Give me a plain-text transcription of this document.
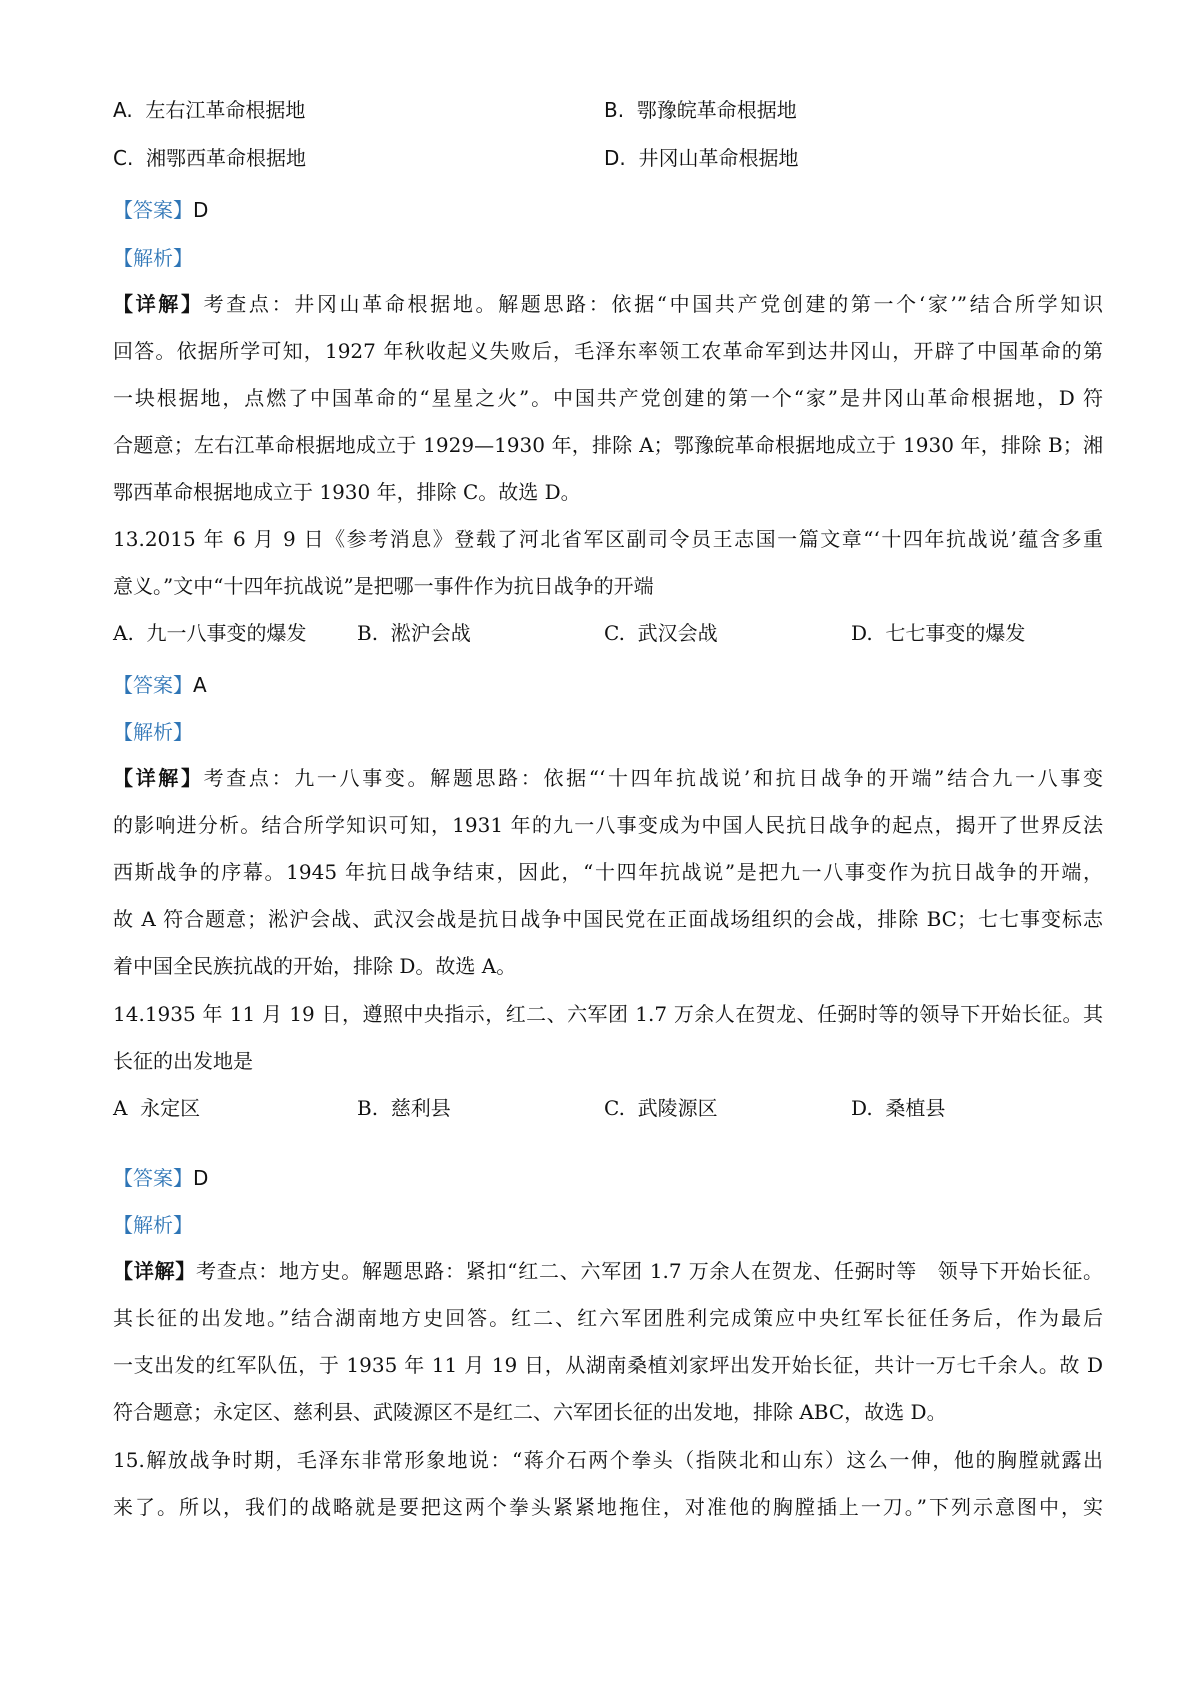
A. 左右江革命根据地	B. 鄂豫皖革命根据地
C. 湘鄂西革命根据地	D. 井冈山革命根据地
【答案】D
【解析】
【详解】考查点：井冈山革命根据地。解题思路：依据“中国共产党创建的第一个‘家’”结合所学知识
回答。依据所学可知，1927 年秋收起义失败后，毛泽东率领工农革命军到达井冈山，开辟了中国革命的第
一块根据地，点燃了中国革命的“星星之火”。中国共产党创建的第一个“家”是井冈山革命根据地，D 符
合题意；左右江革命根据地成立于 1929—1930 年，排除 A；鄂豫皖革命根据地成立于 1930 年，排除 B；湘
鄂西革命根据地成立于 1930 年，排除 C。故选 D。
13.2015 年 6 月 9 日《参考消息》登载了河北省军区副司令员王志国一篇文章“‘十四年抗战说’蕴含多重
意义。”文中“十四年抗战说”是把哪一事件作为抗日战争的开端
A. 九一八事变的爆发	B. 淞沪会战	C. 武汉会战	D. 七七事变的爆发
【答案】A
【解析】
【详解】考查点：九一八事变。解题思路：依据“‘十四年抗战说’和抗日战争的开端”结合九一八事变
的影响进分析。结合所学知识可知，1931 年的九一八事变成为中国人民抗日战争的起点，揭开了世界反法
西斯战争的序幕。1945 年抗日战争结束，因此，“十四年抗战说”是把九一八事变作为抗日战争的开端，
故 A 符合题意；淞沪会战、武汉会战是抗日战争中国民党在正面战场组织的会战，排除 BC；七七事变标志
着中国全民族抗战的开始，排除 D。故选 A。
14.1935 年 11 月 19 日，遵照中央指示，红二、六军团 1.7 万余人在贺龙、任弼时等的领导下开始长征。其
长征的出发地是
A 永定区	B. 慈利县	C. 武陵源区	D. 桑植县
【答案】D
【解析】
【详解】考查点：地方史。解题思路：紧扣“红二、六军团 1.7 万余人在贺龙、任弼时等　领导下开始长征。
其长征的出发地。”结合湖南地方史回答。红二、红六军团胜利完成策应中央红军长征任务后，作为最后
一支出发的红军队伍，于 1935 年 11 月 19 日，从湖南桑植刘家坪出发开始长征，共计一万七千余人。故 D
符合题意；永定区、慈利县、武陵源区不是红二、六军团长征的出发地，排除 ABC，故选 D。
15.解放战争时期，毛泽东非常形象地说：“蒋介石两个拳头（指陕北和山东）这么一伸，他的胸膛就露出
来了。所以，我们的战略就是要把这两个拳头紧紧地拖住，对准他的胸膛插上一刀。”下列示意图中，实
